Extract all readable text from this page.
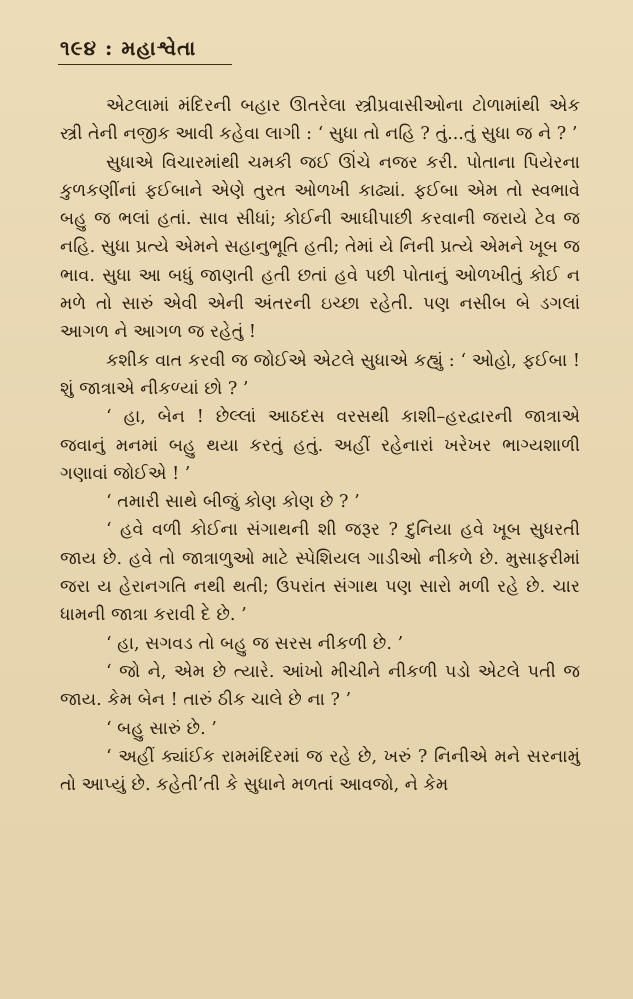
૧૯૪ : મહાશ્વેતા

એટલામાં મંદિરની બહાર ઊતરેલા સ્ત્રીપ્રવાસીઓના ટોળામાંથી એક સ્ત્રી તેની નજીક આવી કહેવા લાગી : ‘ સુધા તો નહિ ? તું...તું સુધા જ ને ? ’

સુધાએ વિચારમાંથી ચમકી જઈ ઊંચે નજર કરી. પોતાના પિયેરના કુળકણીંનાં ફઈબાને એણે તુરત ઓળખી કાઢ્યાં. ફઈબા એમ તો સ્વભાવે બહુ જ ભલાં હતાં. સાવ સીધાં; કોઈની આઘીપાછી કરવાની જરાયે ટેવ જ નહિ. સુધા પ્રત્યે એમને સહાનુભૂતિ હતી; તેમાં યે નિની પ્રત્યે એમને ખૂબ જ ભાવ. સુધા આ બધું જાણતી હતી છતાં હવે પછી પોતાનું ઓળખીતું કોઈ ન મળે તો સારું એવી એની અંતરની ઇચ્છા રહેતી. પણ નસીબ બે ડગલાં આગળ ને આગળ જ રહેતું !

કશીક વાત કરવી જ જોઈએ એટલે સુધાએ કહ્યું : ‘ ઓહો, ફઈબા ! શું જાત્રાએ નીકળ્યાં છો ? ’

‘ હા, બેન ! છેલ્લાં આઠદસ વરસથી કાશી–હરદ્વારની જાત્રાએ જવાનું મનમાં બહુ થયા કરતું હતું. અહીં રહેનારાં ખરેખર ભાગ્યશાળી ગણાવાં જોઈએ ! ’

‘ તમારી સાથે બીજું કોણ કોણ છે ? ’

‘ હવે વળી કોઈના સંગાથની શી જરૂર ? દુનિયા હવે ખૂબ સુધરતી જાય છે. હવે તો જાત્રાળુઓ માટે સ્પેશિયલ ગાડીઓ નીકળે છે. મુસાફરીમાં જરા ય હેરાનગતિ નથી થતી; ઉપરાંત સંગાથ પણ સારો મળી રહે છે. ચાર ધામની જાત્રા કરાવી દે છે. ’

‘ હા, સગવડ તો બહુ જ સરસ નીકળી છે. ’

‘ જો ને, એમ છે ત્યારે. આંખો મીચીને નીકળી પડો એટલે પતી જ જાય. કેમ બેન ! તારું ઠીક ચાલે છે ના ? ’

‘ બહુ સારું છે. ’

‘ અહીં ક્યાંઈક રામમંદિરમાં જ રહે છે, ખરું ? નિનીએ મને સરનામું તો આપ્યું છે. કહેતી’તી કે સુધાને મળતાં આવજો, ને કેમ
